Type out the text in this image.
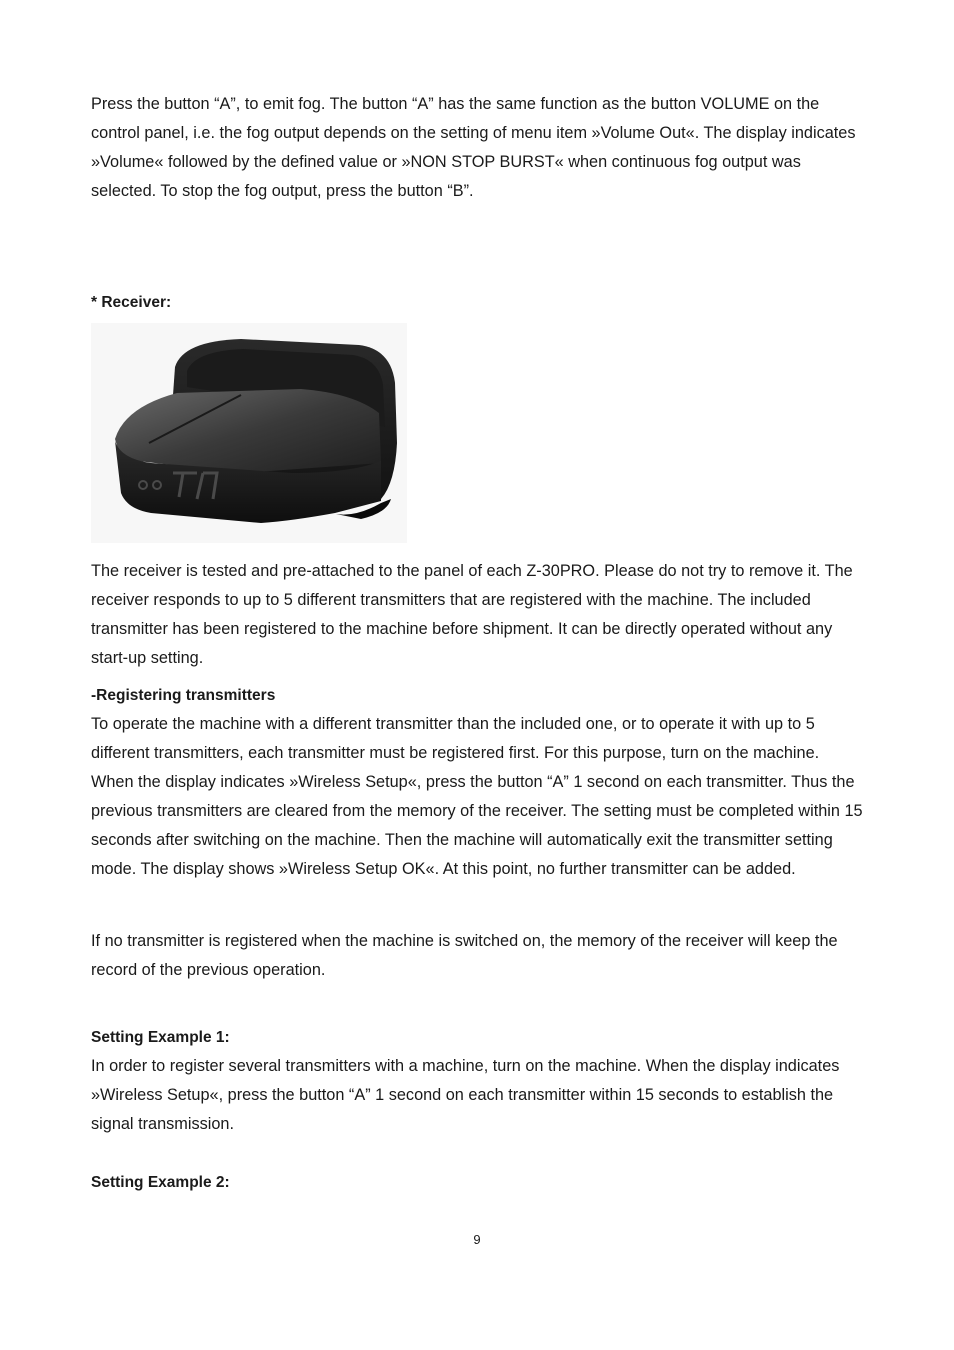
Press the button “A”, to emit fog. The button “A” has the same function as the button VOLUME on the control panel, i.e. the fog output depends on the setting of menu item »Volume Out«. The display indicates »Volume« followed by the defined value or »NON STOP BURST« when continuous fog output was selected. To stop the fog output, press the button “B”.

* Receiver:

The receiver is tested and pre-attached to the panel of each Z-30PRO. Please do not try to remove it. The receiver responds to up to 5 different transmitters that are registered with the machine. The included transmitter has been registered to the machine before shipment. It can be directly operated without any start-up setting.

-Registering transmitters

To operate the machine with a different transmitter than the included one, or to operate it with up to 5 different transmitters, each transmitter must be registered first. For this purpose, turn on the machine. When the display indicates »Wireless Setup«, press the button “A” 1 second on each transmitter. Thus the previous transmitters are cleared from the memory of the receiver. The setting must be completed within 15 seconds after switching on the machine. Then the machine will automatically exit the transmitter setting mode. The display shows »Wireless Setup OK«. At this point, no further transmitter can be added.

If no transmitter is registered when the machine is switched on, the memory of the receiver will keep the record of the previous operation.

Setting Example 1:

In order to register several transmitters with a machine, turn on the machine. When the display indicates »Wireless Setup«, press the button “A” 1 second on each transmitter within 15 seconds to establish the signal transmission.

Setting Example 2:

9
